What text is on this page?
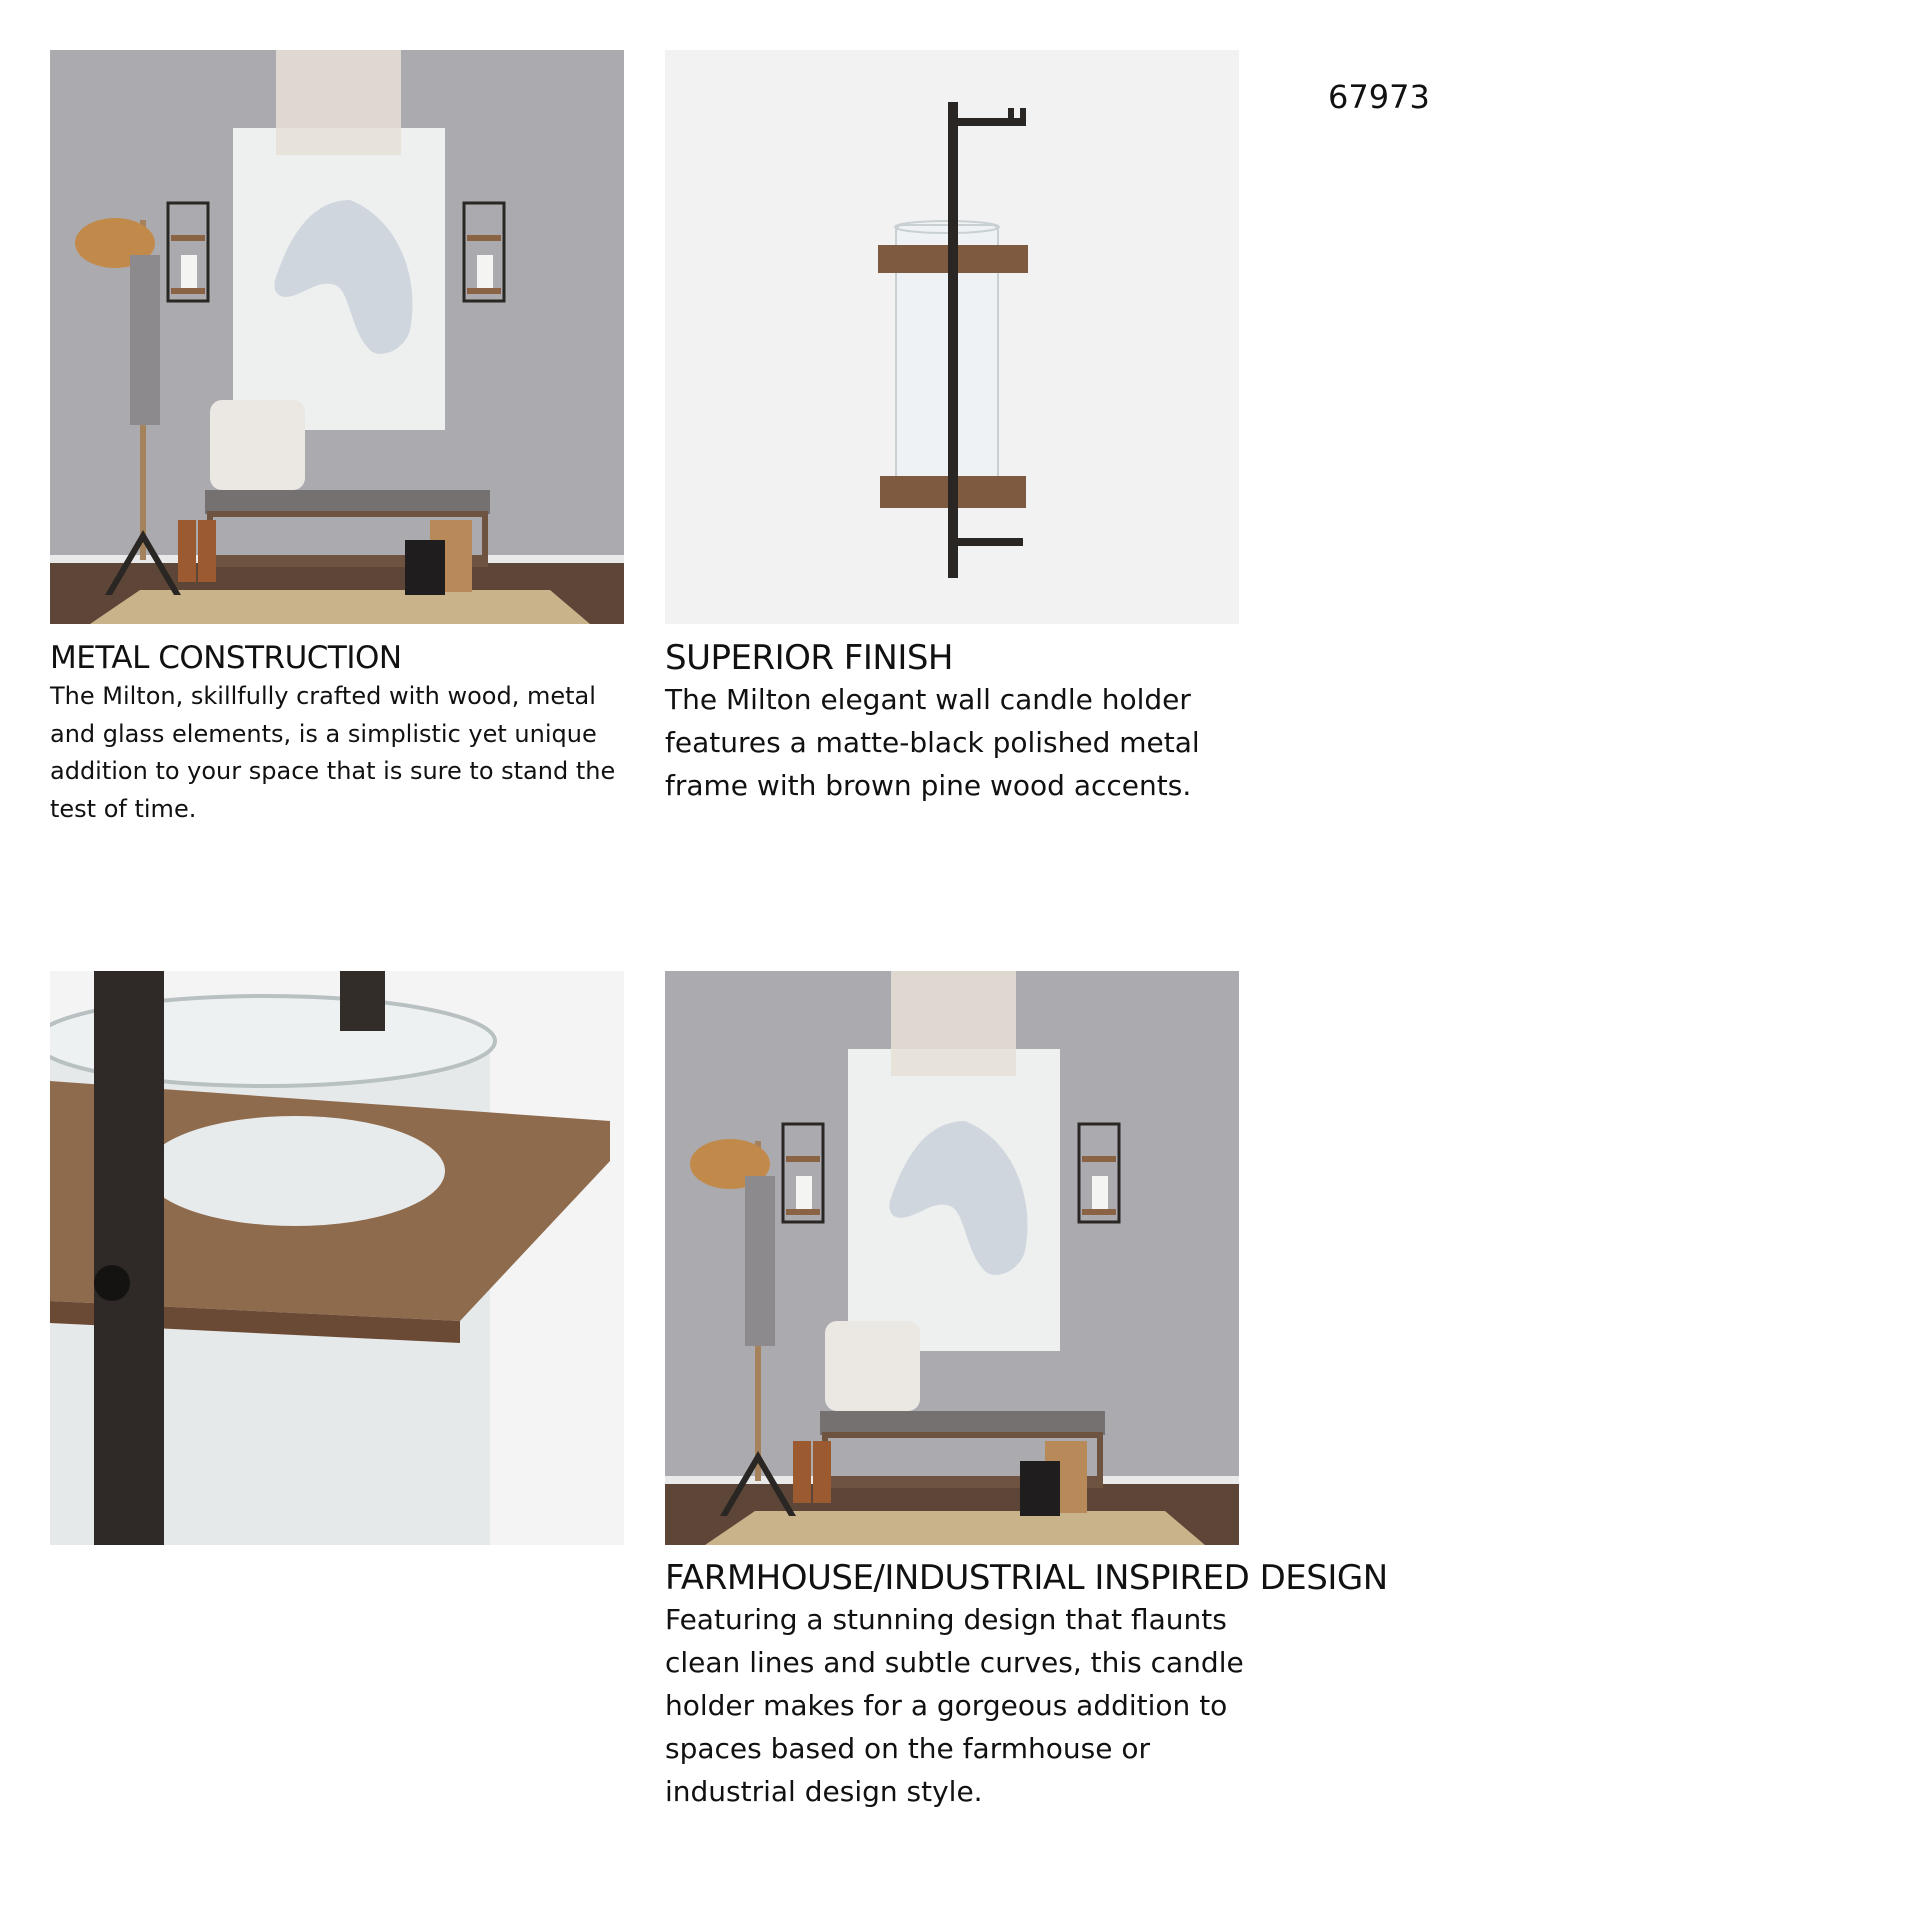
67973
METAL CONSTRUCTION

The Milton, skillfully crafted with wood, metal and glass elements, is a simplistic yet unique addition to your space that is sure to stand the test of time.

SUPERIOR FINISH

The Milton elegant wall candle holder features a matte-black polished metal frame with brown pine wood accents.

FARMHOUSE/INDUSTRIAL INSPIRED DESIGN

Featuring a stunning design that flaunts clean lines and subtle curves, this candle holder makes for a gorgeous addition to spaces based on the farmhouse or industrial design style.
